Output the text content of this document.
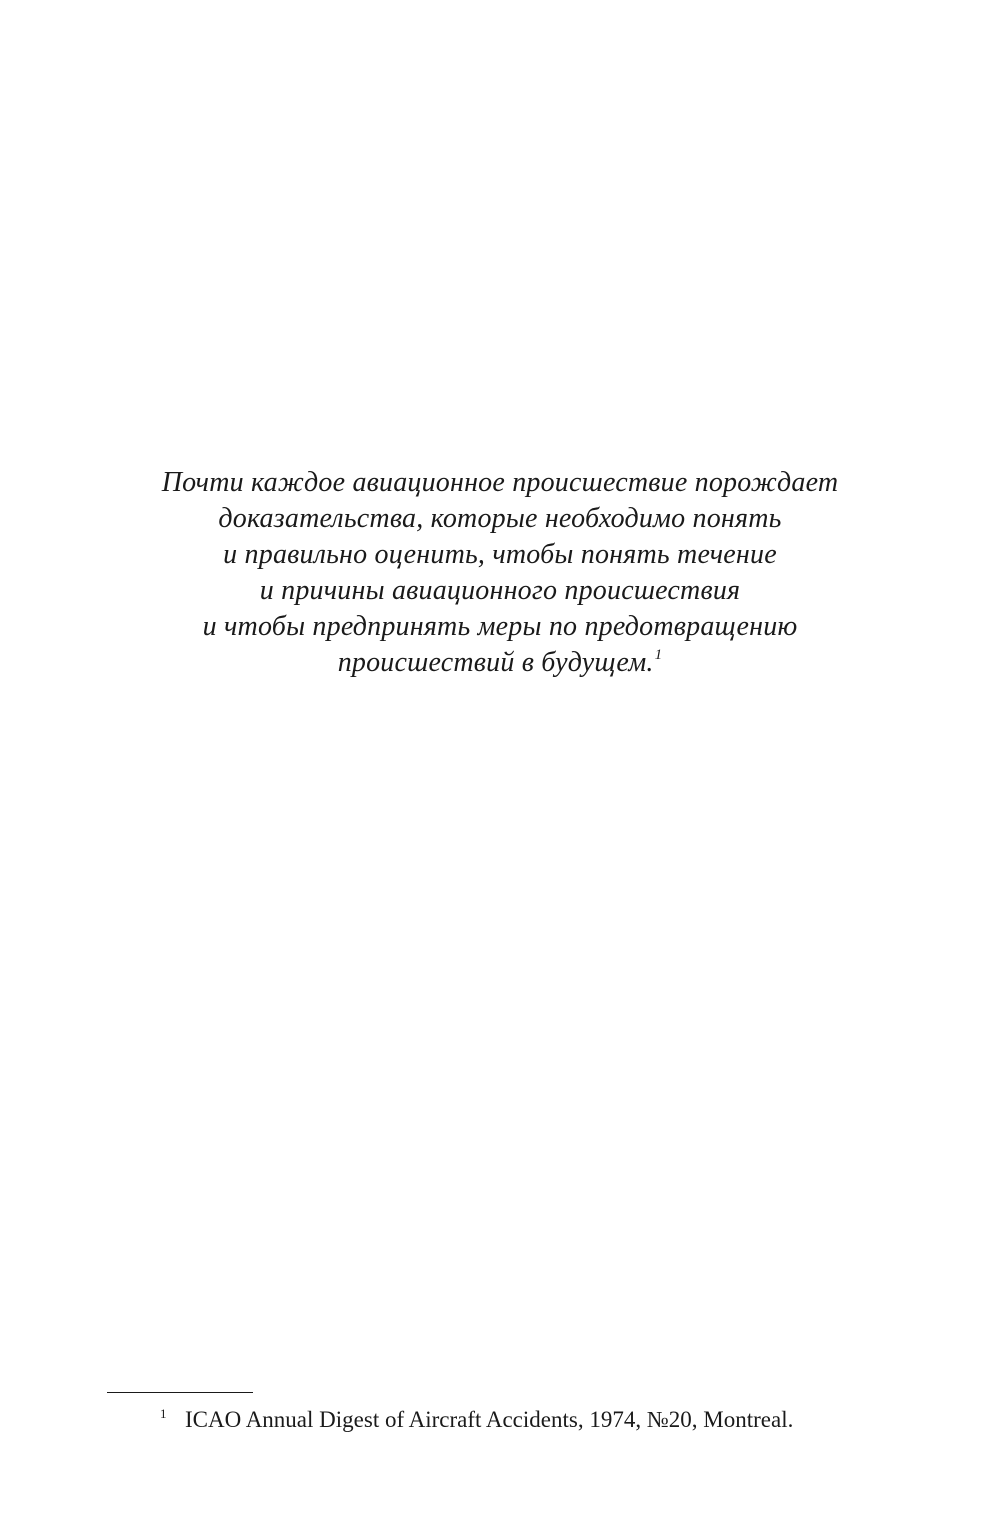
Почти каждое авиационное происшествие порождает
доказательства, которые необходимо понять
и правильно оценить, чтобы понять течение
и причины авиационного происшествия
и чтобы предпринять меры по предотвращению
происшествий в будущем.$^1$
1 ICAO Annual Digest of Aircraft Accidents, 1974, №20, Montreal.
